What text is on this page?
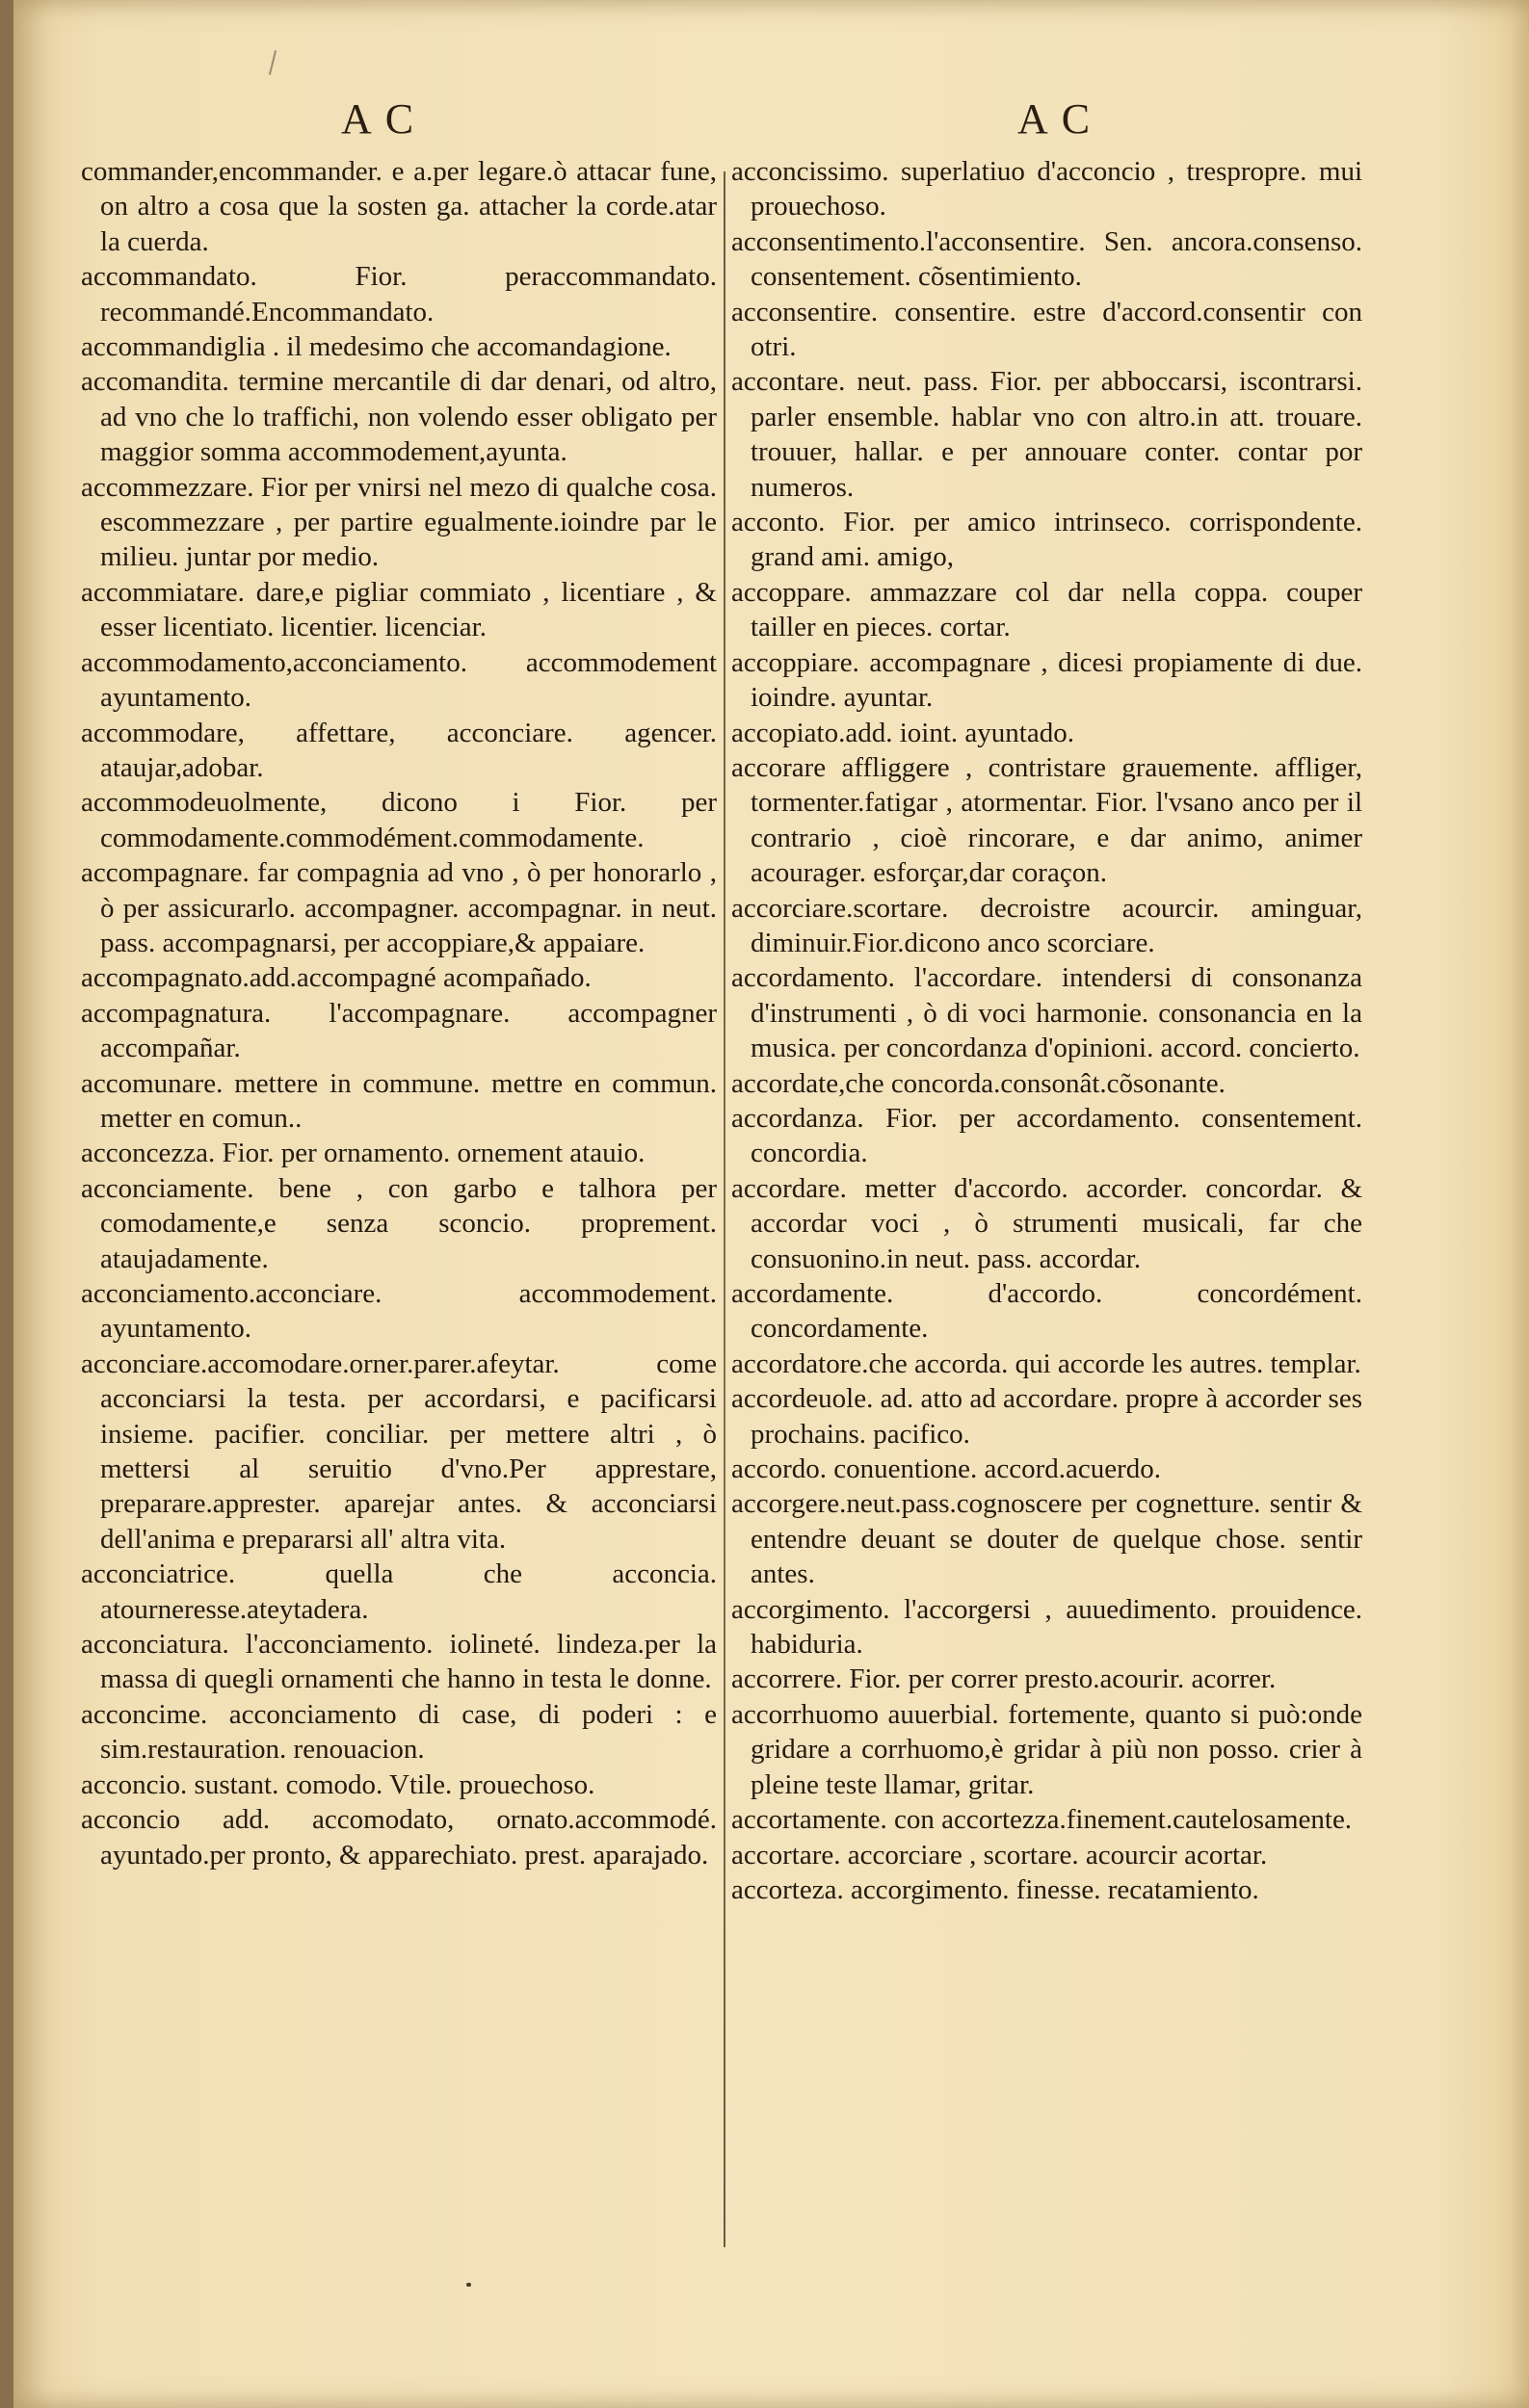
AC	AC

commander,encommander. e a.per legare.ò attacar fune, on altro a cosa que la sosten ga. attacher la corde.atar la cuerda.

accommandato. Fior. peraccommandato. recommandé.Encommandato.

accommandiglia . il medesimo che accomandagione.

accomandita. termine mercantile di dar denari, od altro, ad vno che lo traffichi, non volendo esser obligato per maggior somma accommodement,ayunta.

accommezzare. Fior per vnirsi nel mezo di qualche cosa. escommezzare , per partire egualmente.ioindre par le milieu. juntar por medio.

accommiatare. dare,e pigliar commiato , licentiare , & esser licentiato. licentier. licenciar.

accommodamento,acconciamento. accommodement ayuntamento.

accommodare, affettare, acconciare. agencer. ataujar,adobar.

accommodeuolmente, dicono i Fior. per commodamente.commodément.commodamente.

accompagnare. far compagnia ad vno , ò per honorarlo , ò per assicurarlo. accompagner. accompagnar. in neut. pass. accompagnarsi, per accoppiare,& appaiare.

accompagnato.add.accompagné acompañado.

accompagnatura. l'accompagnare. accompagner accompañar.

accomunare. mettere in commune. mettre en commun. metter en comun..

acconcezza. Fior. per ornamento. ornement atauio.

acconciamente. bene , con garbo e talhora per comodamente,e senza sconcio. proprement. ataujadamente.

acconciamento.acconciare. accommodement. ayuntamento.

acconciare.accomodare.orner.parer.afeytar. come acconciarsi la testa. per accordarsi, e pacificarsi insieme. pacifier. conciliar. per mettere altri , ò mettersi al seruitio d'vno.Per apprestare, preparare.apprester. aparejar antes. & acconciarsi dell'anima e prepararsi all' altra vita.

acconciatrice. quella che acconcia. atourneresse.ateytadera.

acconciatura. l'acconciamento. iolineté. lindeza.per la massa di quegli ornamenti che hanno in testa le donne.

acconcime. acconciamento di case, di poderi : e sim.restauration. renouacion.

acconcio. sustant. comodo. Vtile. prouechoso.

acconcio add. accomodato, ornato.accommodé. ayuntado.per pronto, & apparechiato. prest. aparajado.

acconcissimo. superlatiuo d'acconcio , trespropre. mui prouechoso.

acconsentimento.l'acconsentire. Sen. ancora.consenso. consentement. cõsentimiento.

acconsentire. consentire. estre d'accord.consentir con otri.

accontare. neut. pass. Fior. per abboccarsi, iscontrarsi. parler ensemble. hablar vno con altro.in att. trouare. trouuer, hallar. e per annouare conter. contar por numeros.

acconto. Fior. per amico intrinseco. corrispondente. grand ami. amigo,

accoppare. ammazzare col dar nella coppa. couper tailler en pieces. cortar.

accoppiare. accompagnare , dicesi propiamente di due. ioindre. ayuntar.

accopiato.add. ioint. ayuntado.

accorare affliggere , contristare grauemente. affliger, tormenter.fatigar , atormentar. Fior. l'vsano anco per il contrario , cioè rincorare, e dar animo, animer acourager. esforçar,dar coraçon.

accorciare.scortare. decroistre acourcir. aminguar, diminuir.Fior.dicono anco scorciare.

accordamento. l'accordare. intendersi di consonanza d'instrumenti , ò di voci harmonie. consonancia en la musica. per concordanza d'opinioni. accord. concierto.

accordate,che concorda.consonât.cõsonante.

accordanza. Fior. per accordamento. consentement. concordia.

accordare. metter d'accordo. accorder. concordar. & accordar voci , ò strumenti musicali, far che consuonino.in neut. pass. accordar.

accordamente. d'accordo. concordément. concordamente.

accordatore.che accorda. qui accorde les autres. templar.

accordeuole. ad. atto ad accordare. propre à accorder ses prochains. pacifico.

accordo. conuentione. accord.acuerdo.

accorgere.neut.pass.cognoscere per cognetture. sentir & entendre deuant se douter de quelque chose. sentir antes.

accorgimento. l'accorgersi , auuedimento. prouidence. habiduria.

accorrere. Fior. per correr presto.acourir. acorrer.

accorrhuomo auuerbial. fortemente, quanto si può:onde gridare a corrhuomo,è gridar à più non posso. crier à pleine teste llamar, gritar.

accortamente. con accortezza.finement.cautelosamente.

accortare. accorciare , scortare. acourcir acortar.

accorteza. accorgimento. finesse. recatamiento.
